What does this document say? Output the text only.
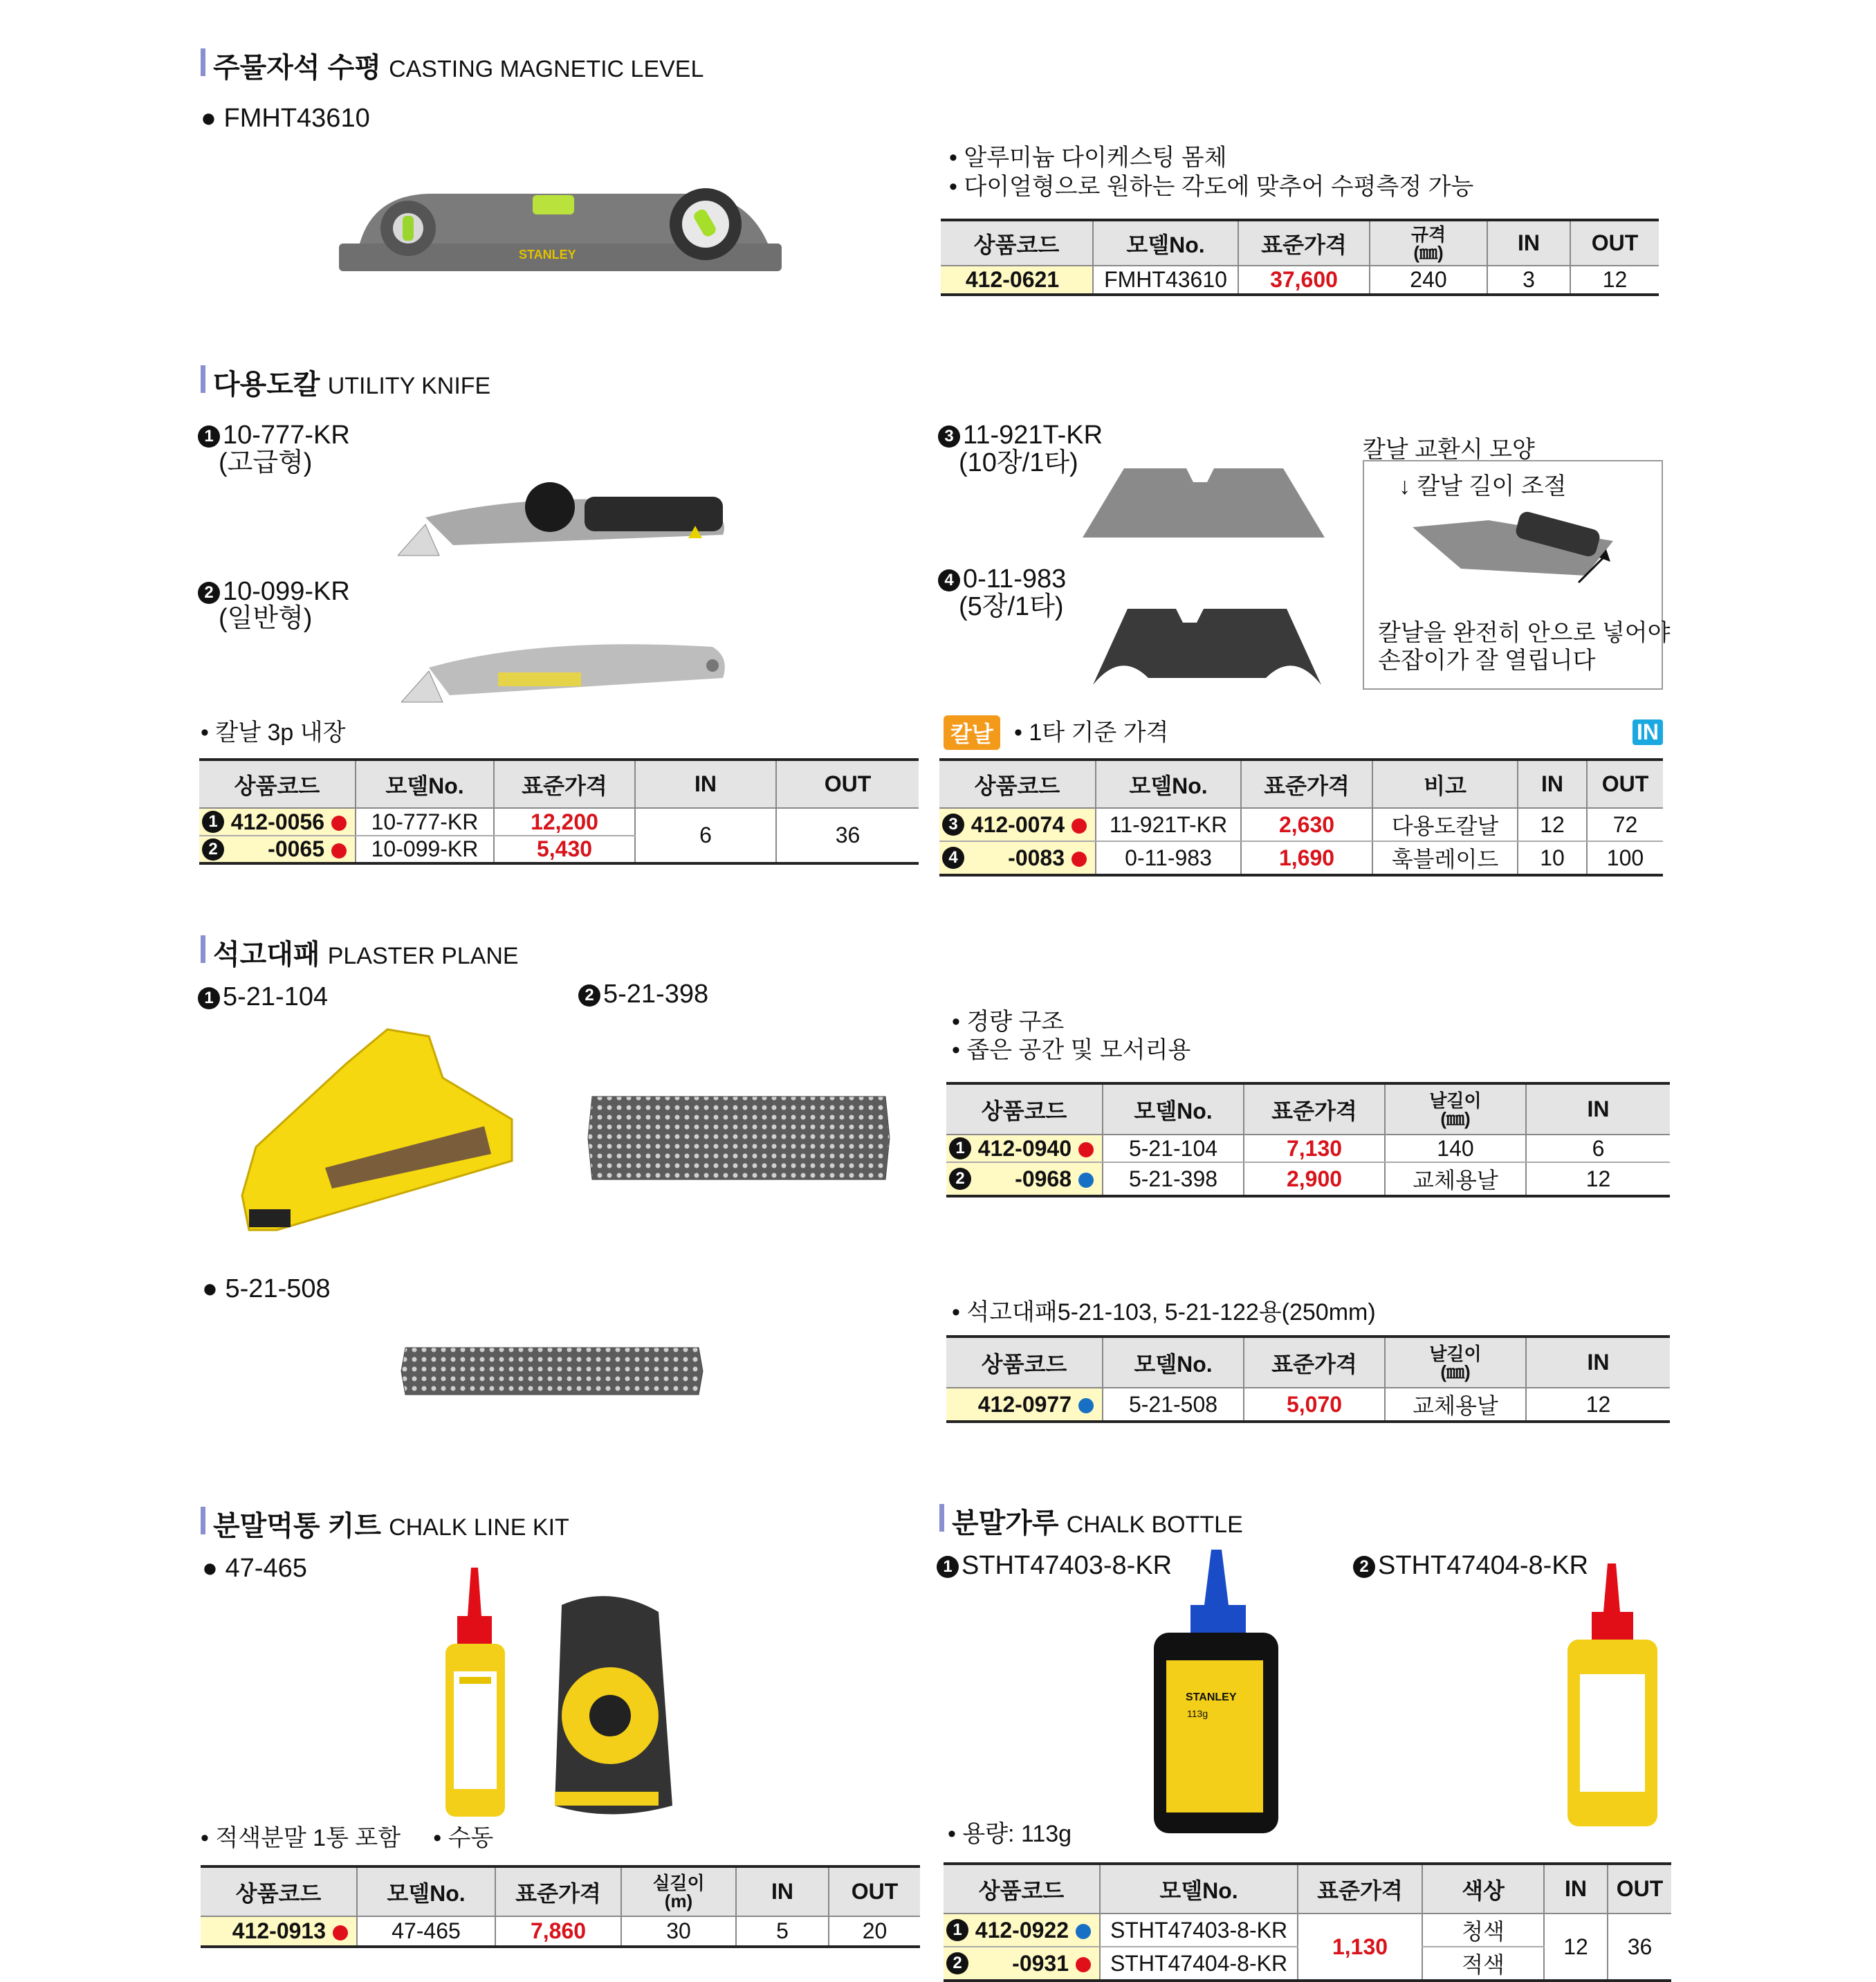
주물자석 수평 CASTING MAGNETIC LEVEL
● FMHT43610
STANLEY
• 알루미늄 다이케스팅 몸체
• 다이얼형으로 원하는 각도에 맞추어 수평측정 가능
상품코드	모델No.	표준가격	규격
(㎜)	IN	OUT
412-0621	FMHT43610	37,600	240	3	12
다용도칼 UTILITY KNIFE
1 10-777-KR
(고급형)
2 10-099-KR
(일반형)
3 11-921T-KR
(10장/1타)
4 0-11-983
(5장/1타)
칼날 교환시 모양
↓ 칼날 길이 조절
칼날을 완전히 안으로 넣어야
손잡이가 잘 열립니다
• 칼날 3p 내장	칼날 • 1타 기준 가격	IN
상품코드	모델No.	표준가격	IN	OUT

1 412-0056	10-777-KR	12,200	6	36

2 -0065	10-099-KR	5,430		
상품코드	모델No.	표준가격	비고	IN	OUT

3 412-0074	11-921T-KR	2,630	다용도칼날	12	72

4 -0083	0-11-983	1,690	훅블레이드	10	100
석고대패 PLASTER PLANE
1 5-21-104	2 5-21-398
• 경량 구조
• 좁은 공간 및 모서리용
상품코드	모델No.	표준가격	날길이
(㎜)	IN

1 412-0940	5-21-104	7,130	140	6

2 -0968	5-21-398	2,900	교체용날	12
● 5-21-508
• 석고대패5-21-103, 5-21-122용(250mm)
상품코드	모델No.	표준가격	날길이
(㎜)	IN
412-0977	5-21-508	5,070	교체용날	12
분말먹통 키트 CHALK LINE KIT
● 47-465
• 적색분말 1통 포함     • 수동
상품코드	모델No.	표준가격	실길이
(m)	IN	OUT
412-0913	47-465	7,860	30	5	20
분말가루 CHALK BOTTLE
1 STHT47403-8-KR	2 STHT47404-8-KR
STANLEY
113g
• 용량: 113g
상품코드	모델No.	표준가격	색상	IN	OUT

1 412-0922	STHT47403-8-KR	1,130	청색	12	36

2 -0931	STHT47404-8-KR		적색		
